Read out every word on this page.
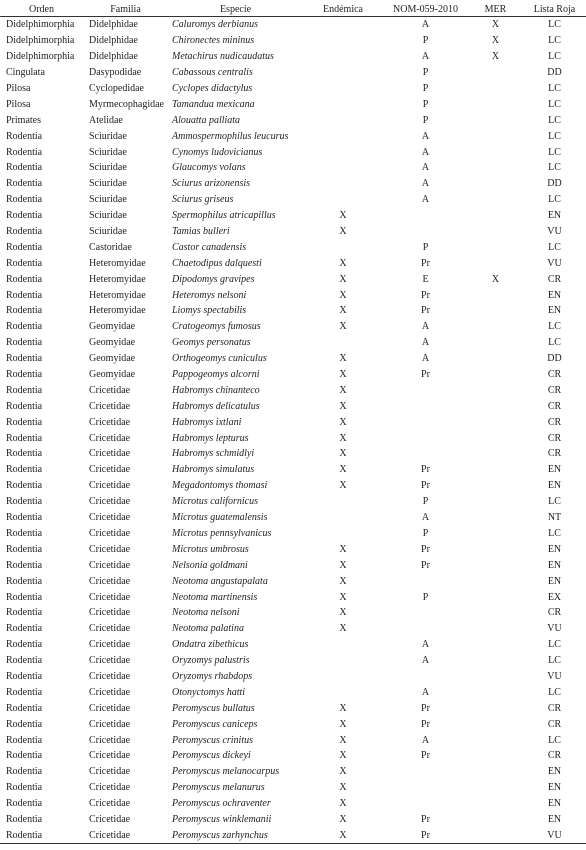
Orden	Familia	Especie	Endémica	NOM-059-2010	MER	Lista Roja
Didelphimorphia	Didelphidae	Caluromys derbianus		A	X	LC
Didelphimorphia	Didelphidae	Chironectes mininus		P	X	LC
Didelphimorphia	Didelphidae	Metachirus nudicaudatus		A	X	LC
Cingulata	Dasypodidae	Cabassous centralis		P		DD
Pilosa	Cyclopedidae	Cyclopes didactylus		P		LC
Pilosa	Myrmecophagidae	Tamandua mexicana		P		LC
Primates	Atelidae	Alouatta palliata		P		LC
Rodentia	Sciuridae	Ammospermophilus leucurus		A		LC
Rodentia	Sciuridae	Cynomys ludovicianus		A		LC
Rodentia	Sciuridae	Glaucomys volans		A		LC
Rodentia	Sciuridae	Sciurus arizonensis		A		DD
Rodentia	Sciuridae	Sciurus griseus		A		LC
Rodentia	Sciuridae	Spermophilus atricapillus	X			EN
Rodentia	Sciuridae	Tamias bulleri	X			VU
Rodentia	Castoridae	Castor canadensis		P		LC
Rodentia	Heteromyidae	Chaetodipus dalquesti	X	Pr		VU
Rodentia	Heteromyidae	Dipodomys gravipes	X	E	X	CR
Rodentia	Heteromyidae	Heteromys nelsoni	X	Pr		EN
Rodentia	Heteromyidae	Liomys spectabilis	X	Pr		EN
Rodentia	Geomyidae	Cratogeomys fumosus	X	A		LC
Rodentia	Geomyidae	Geomys personatus		A		LC
Rodentia	Geomyidae	Orthogeomys cuniculus	X	A		DD
Rodentia	Geomyidae	Pappogeomys alcorni	X	Pr		CR
Rodentia	Cricetidae	Habromys chinanteco	X			CR
Rodentia	Cricetidae	Habromys delicatulus	X			CR
Rodentia	Cricetidae	Habromys ixtlani	X			CR
Rodentia	Cricetidae	Habromys lepturus	X			CR
Rodentia	Cricetidae	Habromys schmidlyi	X			CR
Rodentia	Cricetidae	Habromys simulatus	X	Pr		EN
Rodentia	Cricetidae	Megadontomys thomasi	X	Pr		EN
Rodentia	Cricetidae	Microtus californicus		P		LC
Rodentia	Cricetidae	Microtus guatemalensis		A		NT
Rodentia	Cricetidae	Microtus pennsylvanicus		P		LC
Rodentia	Cricetidae	Microtus umbrosus	X	Pr		EN
Rodentia	Cricetidae	Nelsonia goldmani	X	Pr		EN
Rodentia	Cricetidae	Neotoma angustapalata	X			EN
Rodentia	Cricetidae	Neotoma martinensis	X	P		EX
Rodentia	Cricetidae	Neotoma nelsoni	X			CR
Rodentia	Cricetidae	Neotoma palatina	X			VU
Rodentia	Cricetidae	Ondatra zibethicus		A		LC
Rodentia	Cricetidae	Oryzomys palustris		A		LC
Rodentia	Cricetidae	Oryzomys rhabdops				VU
Rodentia	Cricetidae	Otonyctomys hatti		A		LC
Rodentia	Cricetidae	Peromyscus bullatus	X	Pr		CR
Rodentia	Cricetidae	Peromyscus caniceps	X	Pr		CR
Rodentia	Cricetidae	Peromyscus crinitus	X	A		LC
Rodentia	Cricetidae	Peromyscus dickeyi	X	Pr		CR
Rodentia	Cricetidae	Peromyscus melanocarpus	X			EN
Rodentia	Cricetidae	Peromyscus melanurus	X			EN
Rodentia	Cricetidae	Peromyscus ochraventer	X			EN
Rodentia	Cricetidae	Peromyscus winklemanii	X	Pr		EN
Rodentia	Cricetidae	Peromyscus zarhynchus	X	Pr		VU
